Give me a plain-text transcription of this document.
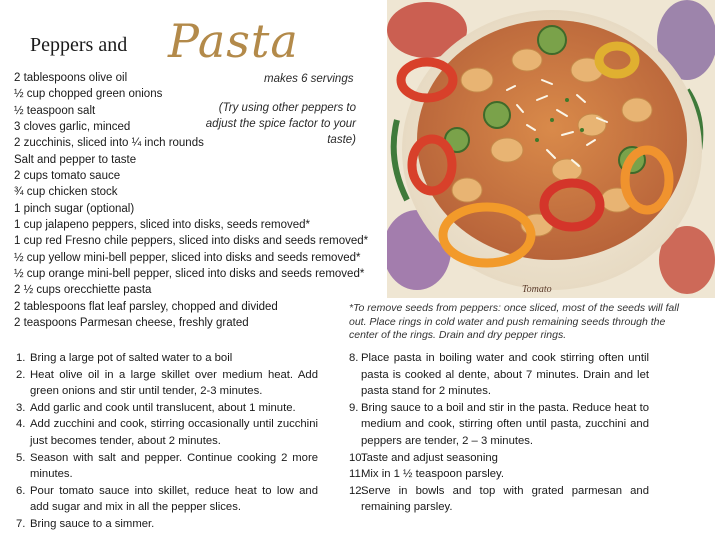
Peppers and Pasta
makes 6 servings
(Try using other peppers to adjust the spice factor to your taste)
2 tablespoons olive oil
½ cup chopped green onions
½ teaspoon salt
3 cloves garlic, minced
2 zucchinis, sliced into ¼ inch rounds
Salt and pepper to taste
2 cups tomato sauce
¾ cup chicken stock
1 pinch sugar (optional)
1 cup jalapeno peppers, sliced into disks, seeds removed*
1 cup red Fresno chile peppers, sliced into disks and seeds removed*
½ cup yellow mini-bell pepper, sliced into disks and seeds removed*
½ cup orange mini-bell pepper, sliced into disks and seeds removed*
2 ½ cups orecchiette pasta
2 tablespoons flat leaf parsley, chopped and divided
2 teaspoons Parmesan cheese, freshly grated
Tomato
*To remove seeds from peppers: once sliced, most of the seeds will fall out. Place rings in cold water and push remaining seeds through the center of the rings. Drain and dry pepper rings.
1. Bring a large pot of salted water to a boil
2. Heat olive oil in a large skillet over medium heat. Add green onions and stir until tender, 2-3 minutes.
3. Add garlic and cook until translucent, about 1 minute.
4. Add zucchini and cook, stirring occasionally until zucchini just becomes tender, about 2 minutes.
5. Season with salt and pepper. Continue cooking 2 more minutes.
6. Pour tomato sauce into skillet, reduce heat to low and add sugar and mix in all the pepper slices.
7. Bring sauce to a simmer.
8. Place pasta in boiling water and cook stirring often until pasta is cooked al dente, about 7 minutes. Drain and let pasta stand for 2 minutes.
9. Bring sauce to a boil and stir in the pasta. Reduce heat to medium and cook, stirring often until pasta, zucchini and peppers are tender, 2 – 3 minutes.
10.
Taste and adjust seasoning
11.
Mix in 1 ½ teaspoon parsley.
12.
Serve in bowls and top with grated parmesan and remaining parsley.
